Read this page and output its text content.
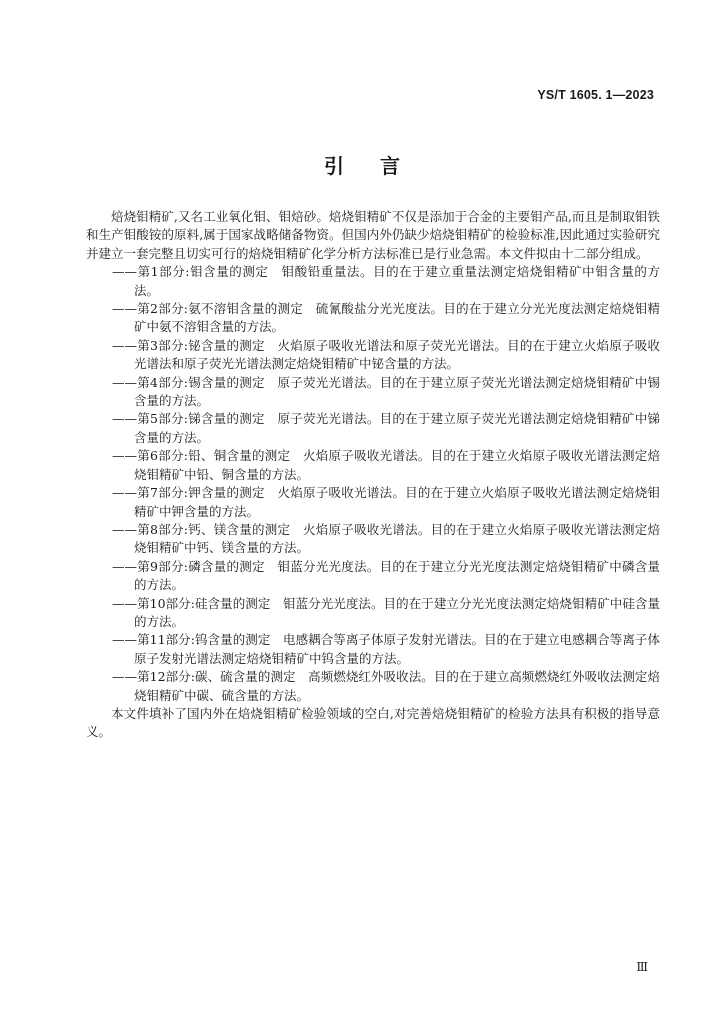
YS/T 1605. 1—2023
引言

焙烧钼精矿,又名工业氧化钼、钼焙砂。焙烧钼精矿不仅是添加于合金的主要钼产品,而且是制取钼铁和生产钼酸铵的原料,属于国家战略储备物资。但国内外仍缺少焙烧钼精矿的检验标准,因此通过实验研究并建立一套完整且切实可行的焙烧钼精矿化学分析方法标准已是行业急需。本文件拟由十二部分组成。

——第1部分:钼含量的测定　钼酸铅重量法。目的在于建立重量法测定焙烧钼精矿中钼含量的方法。

——第2部分:氨不溶钼含量的测定　硫氰酸盐分光光度法。目的在于建立分光光度法测定焙烧钼精矿中氨不溶钼含量的方法。

——第3部分:铋含量的测定　火焰原子吸收光谱法和原子荧光光谱法。目的在于建立火焰原子吸收光谱法和原子荧光光谱法测定焙烧钼精矿中铋含量的方法。

——第4部分:锡含量的测定　原子荧光光谱法。目的在于建立原子荧光光谱法测定焙烧钼精矿中锡含量的方法。

——第5部分:锑含量的测定　原子荧光光谱法。目的在于建立原子荧光光谱法测定焙烧钼精矿中锑含量的方法。

——第6部分:铅、铜含量的测定　火焰原子吸收光谱法。目的在于建立火焰原子吸收光谱法测定焙烧钼精矿中铅、铜含量的方法。

——第7部分:钾含量的测定　火焰原子吸收光谱法。目的在于建立火焰原子吸收光谱法测定焙烧钼精矿中钾含量的方法。

——第8部分:钙、镁含量的测定　火焰原子吸收光谱法。目的在于建立火焰原子吸收光谱法测定焙烧钼精矿中钙、镁含量的方法。

——第9部分:磷含量的测定　钼蓝分光光度法。目的在于建立分光光度法测定焙烧钼精矿中磷含量的方法。

——第10部分:硅含量的测定　钼蓝分光光度法。目的在于建立分光光度法测定焙烧钼精矿中硅含量的方法。

——第11部分:钨含量的测定　电感耦合等离子体原子发射光谱法。目的在于建立电感耦合等离子体原子发射光谱法测定焙烧钼精矿中钨含量的方法。

——第12部分:碳、硫含量的测定　高频燃烧红外吸收法。目的在于建立高频燃烧红外吸收法测定焙烧钼精矿中碳、硫含量的方法。

本文件填补了国内外在焙烧钼精矿检验领域的空白,对完善焙烧钼精矿的检验方法具有积极的指导意义。

Ⅲ
